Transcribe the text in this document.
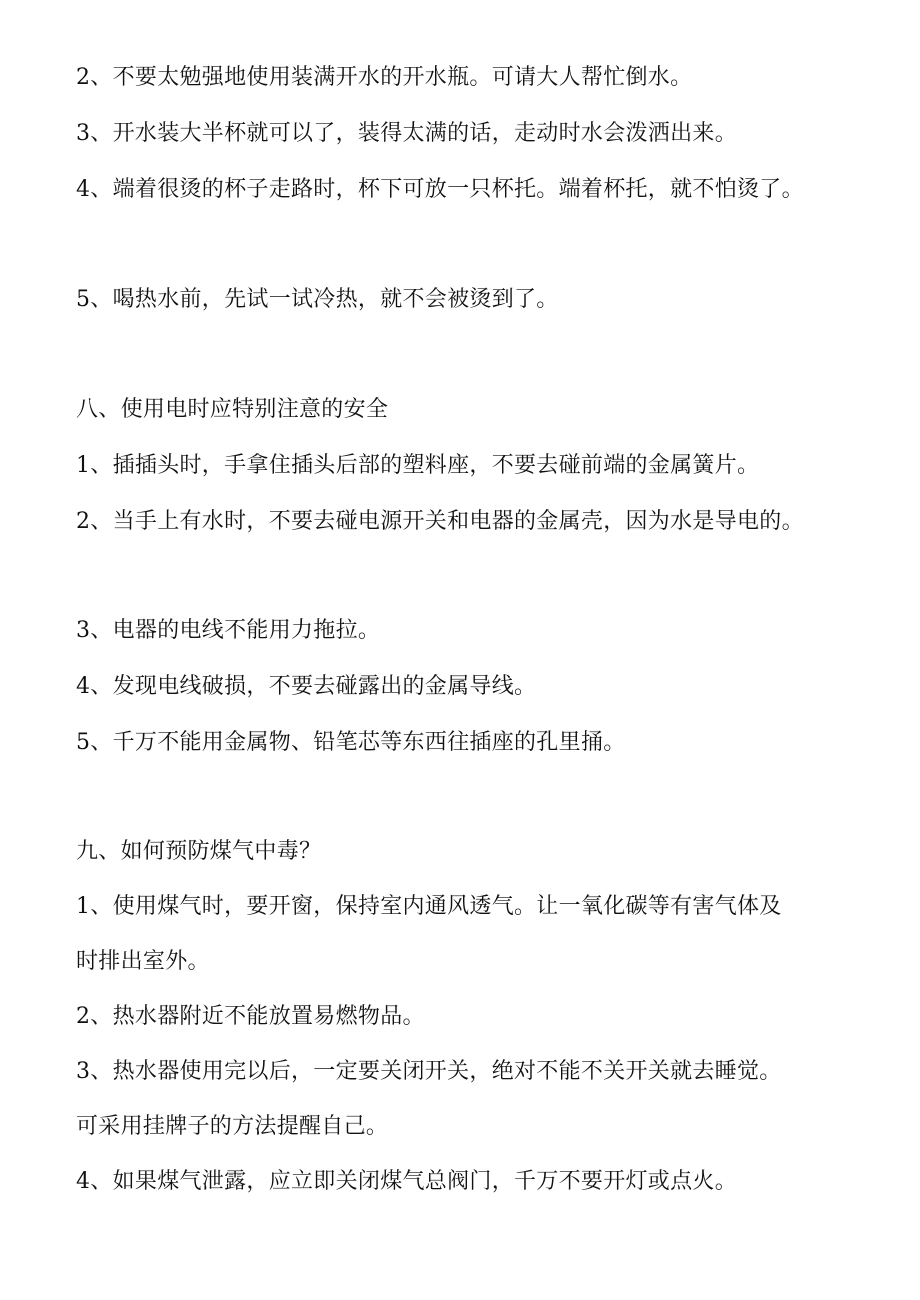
2、不要太勉强地使用装满开水的开水瓶。可请大人帮忙倒水。
3、开水装大半杯就可以了，装得太满的话，走动时水会泼洒出来。
4、端着很烫的杯子走路时，杯下可放一只杯托。端着杯托，就不怕烫了。
5、喝热水前，先试一试冷热，就不会被烫到了。
八、使用电时应特别注意的安全
1、插插头时，手拿住插头后部的塑料座，不要去碰前端的金属簧片。
2、当手上有水时，不要去碰电源开关和电器的金属壳，因为水是导电的。
3、电器的电线不能用力拖拉。
4、发现电线破损，不要去碰露出的金属导线。
5、千万不能用金属物、铅笔芯等东西往插座的孔里捅。
九、如何预防煤气中毒？
1、使用煤气时，要开窗，保持室内通风透气。让一氧化碳等有害气体及
时排出室外。
2、热水器附近不能放置易燃物品。
3、热水器使用完以后，一定要关闭开关，绝对不能不关开关就去睡觉。
可采用挂牌子的方法提醒自己。
4、如果煤气泄露，应立即关闭煤气总阀门，千万不要开灯或点火。
